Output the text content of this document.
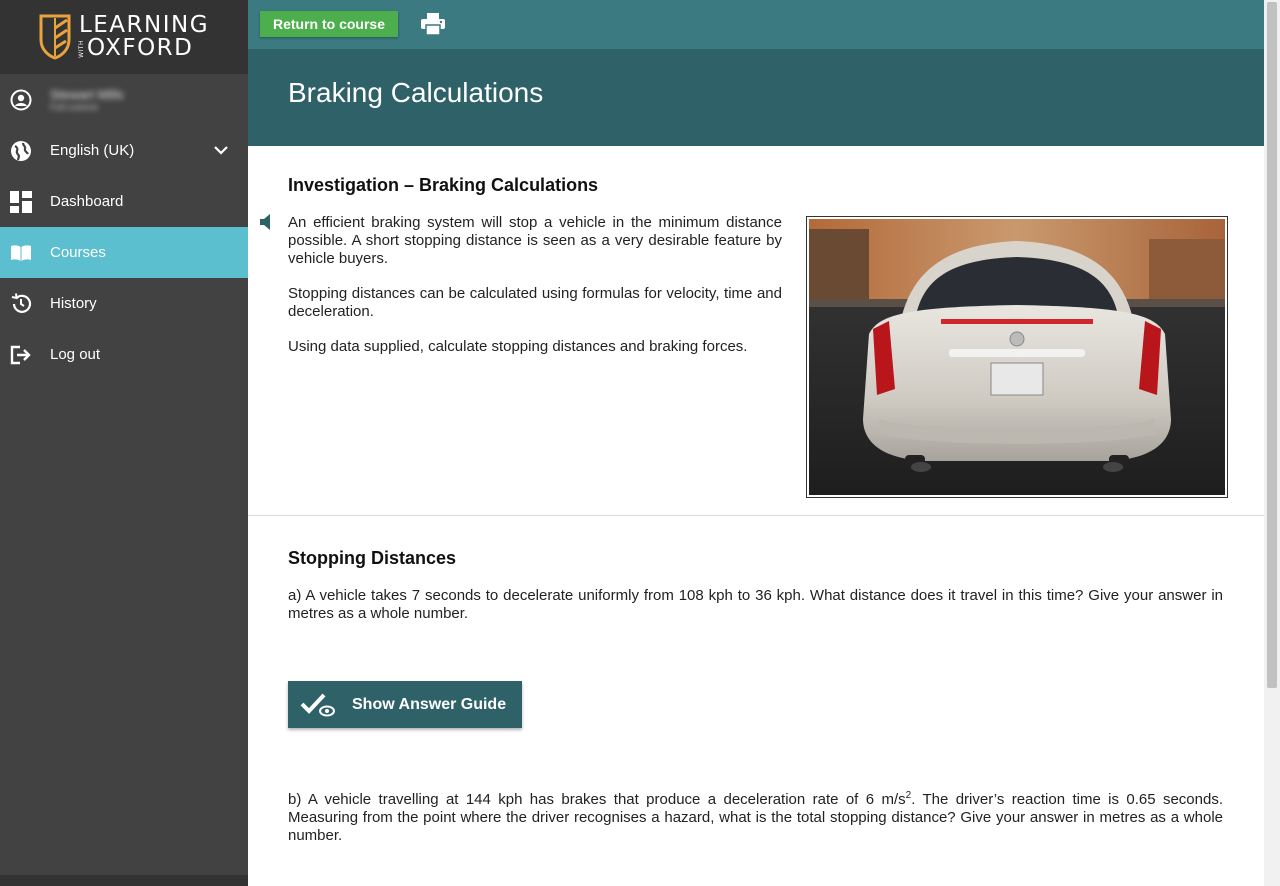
LEARNING
WITH OXFORD
Stewart Mills
Full Licence
English (UK)
Dashboard
Courses
History
Log out
Return to course
Braking Calculations
Investigation – Braking Calculations

An efficient braking system will stop a vehicle in the minimum distance possible. A short stopping distance is seen as a very desirable feature by vehicle buyers.

Stopping distances can be calculated using formulas for velocity, time and deceleration.

Using data supplied, calculate stopping distances and braking forces.

Stopping Distances

a) A vehicle takes 7 seconds to decelerate uniformly from 108 kph to 36 kph. What distance does it travel in this time? Give your answer in metres as a whole number.

Show Answer Guide

b) A vehicle travelling at 144 kph has brakes that produce a deceleration rate of 6 $m/s^2$. The driver’s reaction time is 0.65 seconds. Measuring from the point where the driver recognises a hazard, what is the total stopping distance? Give your answer in metres as a whole number.
